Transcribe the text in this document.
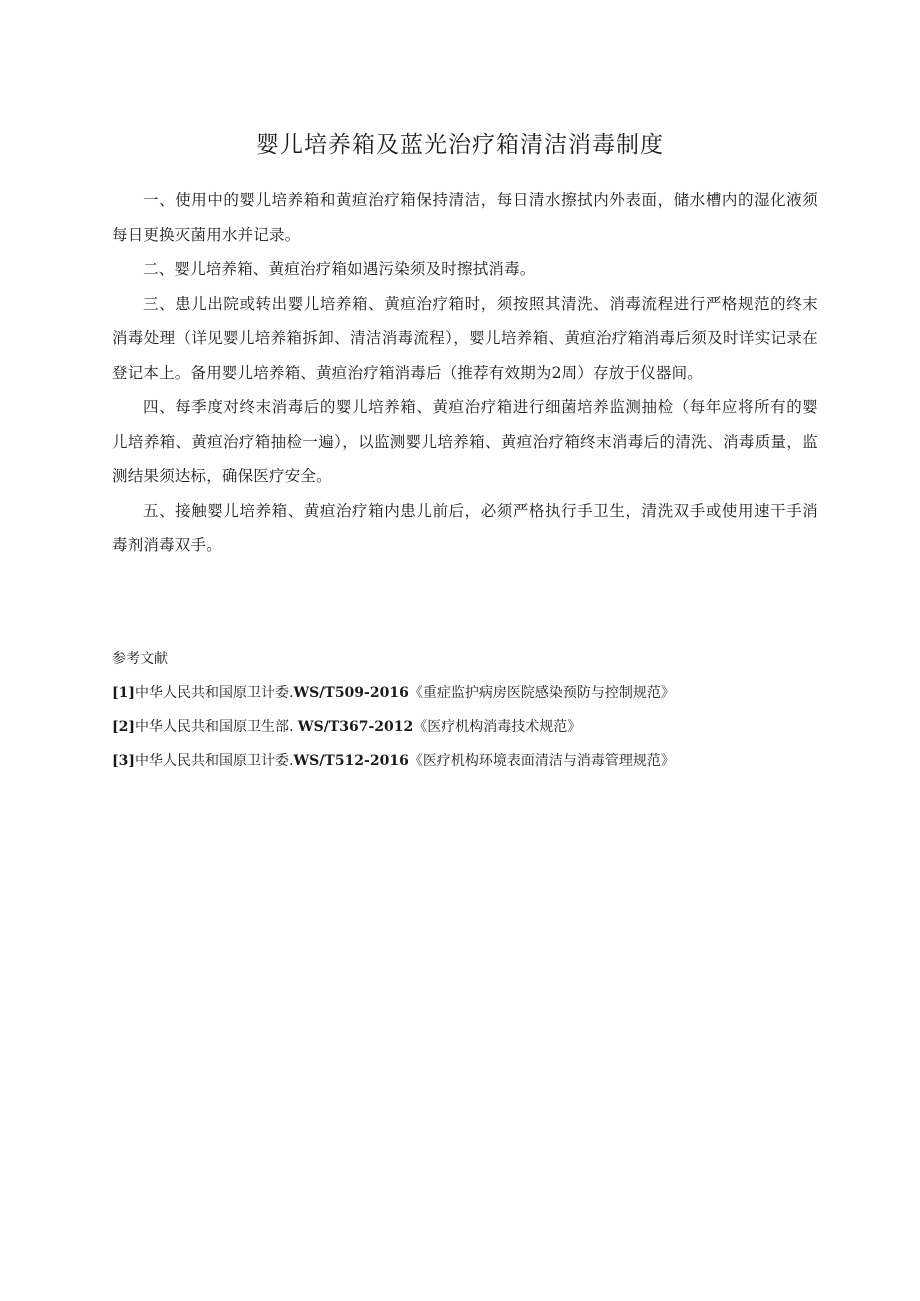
婴儿培养箱及蓝光治疗箱清洁消毒制度

一、使用中的婴儿培养箱和黄疸治疗箱保持清洁，每日清水擦拭内外表面，储水槽内的湿化液须每日更换灭菌用水并记录。

二、婴儿培养箱、黄疸治疗箱如遇污染须及时擦拭消毒。

三、患儿出院或转出婴儿培养箱、黄疸治疗箱时，须按照其清洗、消毒流程进行严格规范的终末消毒处理（详见婴儿培养箱拆卸、清洁消毒流程），婴儿培养箱、黄疸治疗箱消毒后须及时详实记录在登记本上。备用婴儿培养箱、黄疸治疗箱消毒后（推荐有效期为2周）存放于仪器间。

四、每季度对终末消毒后的婴儿培养箱、黄疸治疗箱进行细菌培养监测抽检（每年应将所有的婴儿培养箱、黄疸治疗箱抽检一遍），以监测婴儿培养箱、黄疸治疗箱终末消毒后的清洗、消毒质量，监测结果须达标，确保医疗安全。

五、接触婴儿培养箱、黄疸治疗箱内患儿前后，必须严格执行手卫生，清洗双手或使用速干手消毒剂消毒双手。

参考文献

[1]中华人民共和国原卫计委.WS/T509-2016《重症监护病房医院感染预防与控制规范》

[2]中华人民共和国原卫生部. WS/T367-2012《医疗机构消毒技术规范》

[3]中华人民共和国原卫计委.WS/T512-2016《医疗机构环境表面清洁与消毒管理规范》
